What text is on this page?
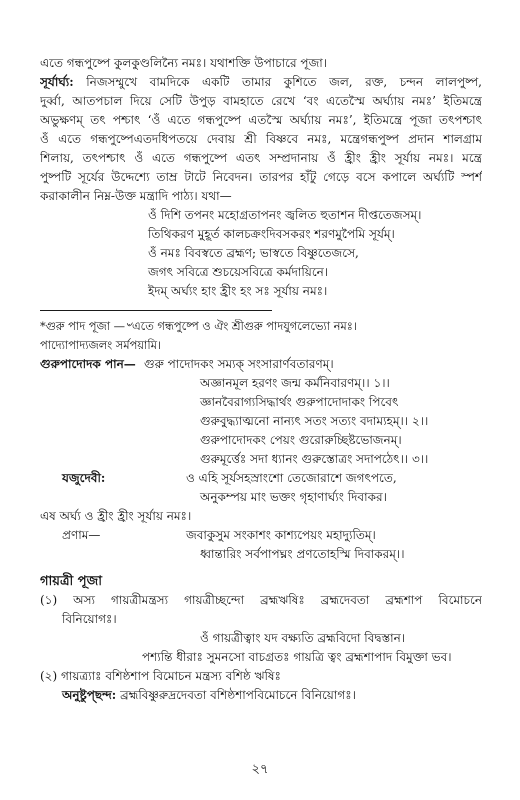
এতে গন্ধপুষ্পে কুলকুণ্ডলিন্যৈ নমঃ। যথাশক্তি উপাচারে পূজা।
সূর্যার্ঘ্য: নিজসম্মুখে বামদিকে একটি তামার কুশিতে জল, রক্ত, চন্দন লালপুষ্প,
দুর্ব্বা, আতপচাল দিয়ে সেটি উপুড় বামহাতে রেখে ‘বং এতেস্মৈ অর্ঘ্যায় নমঃ’ ইতিমন্ত্রে
অভুক্ষণম্ তৎ পশ্চাৎ ‘ওঁ এতে গন্ধপুষ্পে এতস্মৈ অর্ঘ্যায় নমঃ’, ইতিমন্ত্রে পূজা তৎপশ্চাৎ
ওঁ এতে গন্ধপুষ্পেএতদধিপতয়ে দেবায় শ্রী বিষ্ণবে নমঃ, মন্ত্রেগন্ধপুষ্প প্রদান শালগ্রাম
শিলায়, তৎপশ্চাৎ ওঁ এতে গন্ধপুষ্পে এতৎ সম্প্রদানায় ওঁ হ্রীং হ্রীং সূর্যায় নমঃ। মন্ত্রে
পুষ্পটি সূর্যের উদ্দেশ্যে তাম্র টাটে নিবেদন। তারপর হাঁটু গেড়ে বসে কপালে অর্ঘ্যটি স্পর্শ
করাকালীন নিম্ন-উক্ত মন্ত্রাদি পাঠ্য। যথা—
ওঁ দিশি তপনং মহোগ্রতাপনং জ্বলিত হুতাশন দীপ্ততেজসম্।
তিথিকরণ মুহূর্ত কালচক্রংদিবসকরং শরণমুপৈমি সূর্যম্।
ওঁ নমঃ বিবস্বতে ব্রহ্মণ; ভাস্বতে বিষ্ণুতেজসে,
জগৎ সবিত্রে শুচয়েসবিত্রে কর্মদায়িনে।
ইদম্ অর্ঘ্যং হাং হ্রীং হং সঃ সূর্যায় নমঃ।
*গুরু পাদ পূজা —৺এতে গন্ধপুষ্পে ও ঐং শ্রীগুরু পাদযুগলেভ্যো নমঃ।
পাদ্যোপাদ্যজলং সর্মপয়ামি।
গুরুপাদোদক পান— গুরু পাদোদকং সম্যক্ সংসারার্ণবতারণম্।
অজ্ঞানমূল হরণং জন্ম কর্মনিবারণম্।। ১।।
জ্ঞানবৈরাগ্যসিদ্ধার্থং গুরুপাদোদাকং পিবেৎ
গুরুবুদ্ধ্যাত্মনো নান্যৎ সতং সত্যং বদাম্যহম্।। ২।।
গুরুপাদোদকং পেয়ং গুরোরুচ্ছিষ্টভোজনম্।
গুরুমূর্ত্তেঃ সদা ধ্যানং গুরুস্তোত্রং সদাপঠেৎ।। ৩।।
যজুদেবী:	ও এহি সূর্যসহস্রাংশো তেজোরাশে জগৎপতে,
অনুকম্পয় মাং ভক্তং গৃহাণার্ঘ্যং দিবাকর।
এষ অর্ঘ্য ও হ্রীং হ্রীং সূর্যায় নমঃ।
প্রণাম—	জবাকুসুম সংকাশং কাশ্যপেয়ং মহাদ্যুতিম্।
ধ্বান্তারিং সর্বপাপঘ্নং প্রণতোহস্মি দিবাকরম্।।
গায়ত্রী পূজা
(১) অস্য গায়ত্রীমন্ত্রস্য গায়ত্রীচ্ছন্দো ব্রহ্মঋষিঃ ব্রহ্মদেবতা ব্রহ্মশাপ বিমোচনে
বিনিয়োগঃ।
ওঁ গায়ত্রীত্বাং যদ বক্ষ্যতি ব্রহ্মবিদো বিদ্বস্তান।
পশ্যন্তি ধীরাঃ সুমনসো বাচগ্রতঃ গায়ত্রি ত্বং ব্রহ্মশাপাদ বিমুক্তা ভব।
(২) গায়ত্র্যাঃ বশিষ্ঠশাপ বিমোচন মন্ত্রস্য বশিষ্ঠ ঋষিঃ
অনুষ্টুপ্‌ছন্দ: ব্রহ্মবিষ্ণুরুদ্রদেবতা বশিষ্ঠশাপবিমোচনে বিনিয়োগঃ।
২৭
